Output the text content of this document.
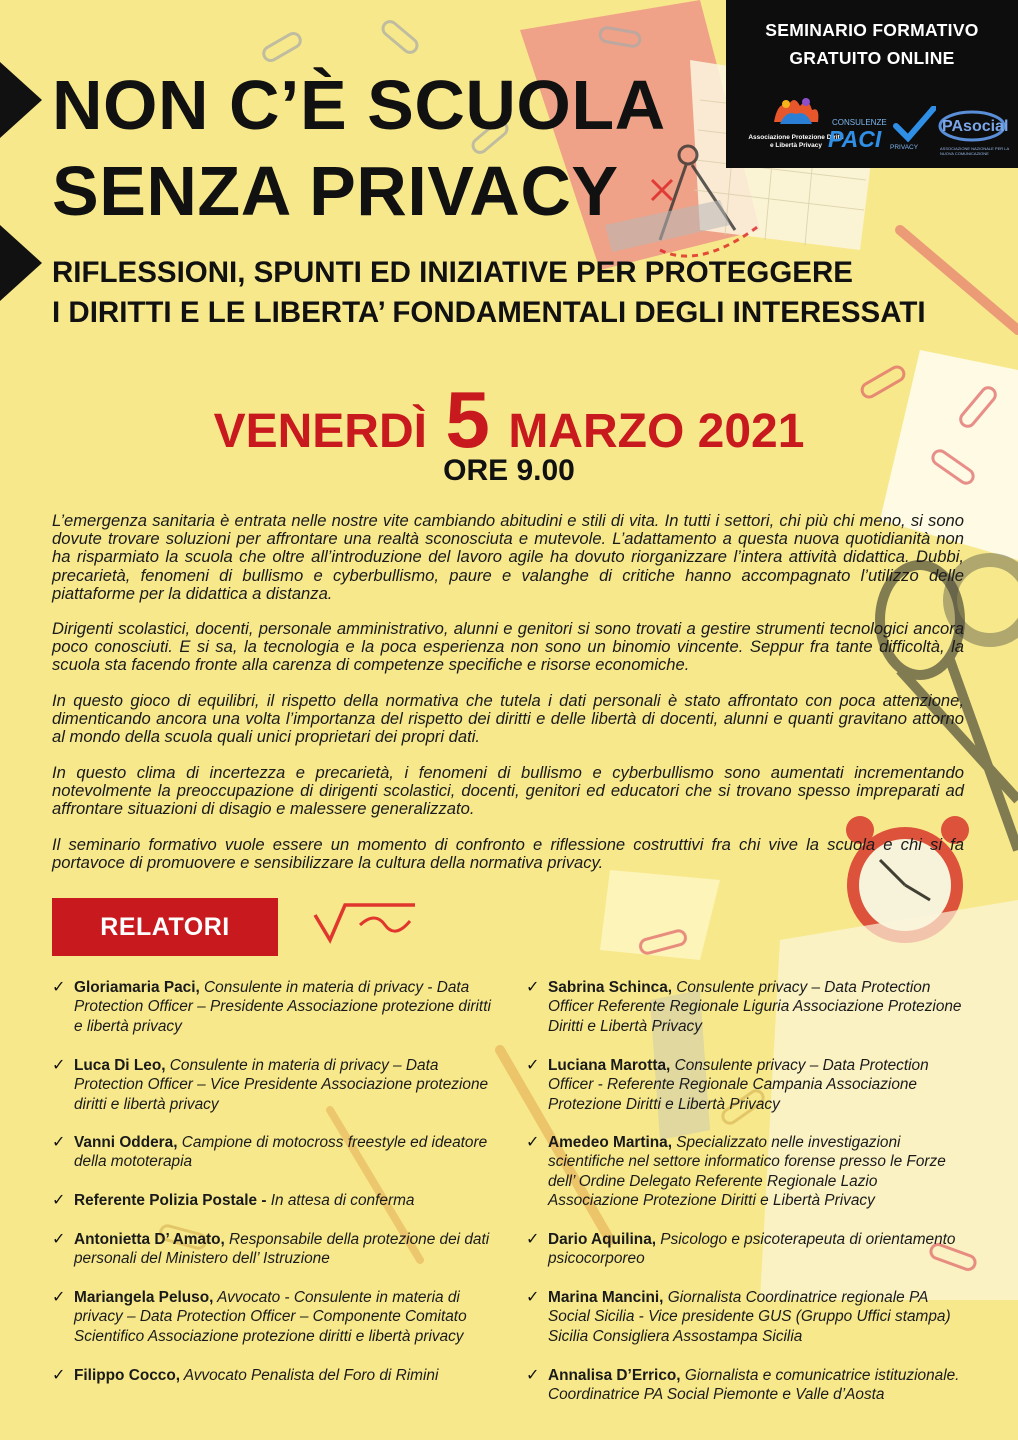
NON C’È SCUOLA
SENZA PRIVACY
RIFLESSIONI, SPUNTI ED INIZIATIVE PER PROTEGGERE
I DIRITTI E LE LIBERTA’ FONDAMENTALI DEGLI INTERESSATI
SEMINARIO FORMATIVO
GRATUITO ONLINE
Associazione Protezione Diritti e Libertà Privacy
CONSULENZE
PACI PRIVACY
PAsocial
ASSOCIAZIONE NAZIONALE PER LA NUOVA COMUNICAZIONE
VENERDÌ 5 MARZO 2021
ORE 9.00

L’emergenza sanitaria è entrata nelle nostre vite cambiando abitudini e stili di vita. In tutti i settori, chi più chi meno, si sono dovute trovare soluzioni per affrontare una realtà sconosciuta e mutevole. L’adattamento a questa nuova quotidianità non ha risparmiato la scuola che oltre all’introduzione del lavoro agile ha dovuto riorganizzare l’intera attività didattica. Dubbi, precarietà, fenomeni di bullismo e cyberbullismo, paure e valanghe di critiche hanno accompagnato l’utilizzo delle piattaforme per la didattica a distanza.

Dirigenti scolastici, docenti, personale amministrativo, alunni e genitori si sono trovati a gestire strumenti tecnologici ancora poco conosciuti. E si sa, la tecnologia e la poca esperienza non sono un binomio vincente. Seppur fra tante difficoltà, la scuola sta facendo fronte alla carenza di competenze specifiche e risorse economiche.

In questo gioco di equilibri, il rispetto della normativa che tutela i dati personali è stato affrontato con poca attenzione, dimenticando ancora una volta l’importanza del rispetto dei diritti e delle libertà di docenti, alunni e quanti gravitano attorno al mondo della scuola quali unici proprietari dei propri dati.

In questo clima di incertezza e precarietà, i fenomeni di bullismo e cyberbullismo sono aumentati incrementando notevolmente la preoccupazione di dirigenti scolastici, docenti, genitori ed educatori che si trovano spesso impreparati ad affrontare situazioni di disagio e malessere generalizzato.

Il seminario formativo vuole essere un momento di confronto e riflessione costruttivi fra chi vive la scuola e chi si fa portavoce di promuovere e sensibilizzare la cultura della normativa privacy.

RELATORI
✓ Gloriamaria Paci, Consulente in materia di privacy - Data Protection Officer – Presidente Associazione protezione diritti e libertà privacy
✓ Luca Di Leo, Consulente in materia di privacy – Data Protection Officer – Vice Presidente Associazione protezione diritti e libertà privacy
✓ Vanni Oddera, Campione di motocross freestyle ed ideatore della mototerapia
✓ Referente Polizia Postale - In attesa di conferma
✓ Antonietta D’ Amato, Responsabile della protezione dei dati personali del Ministero dell’ Istruzione
✓ Mariangela Peluso, Avvocato - Consulente in materia di privacy – Data Protection Officer – Componente Comitato Scientifico Associazione protezione diritti e libertà privacy
✓ Filippo Cocco, Avvocato Penalista del Foro di Rimini
✓ Sabrina Schinca, Consulente privacy – Data Protection Officer Referente Regionale Liguria Associazione Protezione Diritti e Libertà Privacy
✓ Luciana Marotta, Consulente privacy – Data Protection Officer - Referente Regionale Campania Associazione Protezione Diritti e Libertà Privacy
✓ Amedeo Martina, Specializzato nelle investigazioni scientifiche nel settore informatico forense presso le Forze dell’ Ordine Delegato Referente Regionale Lazio Associazione Protezione Diritti e Libertà Privacy
✓ Dario Aquilina, Psicologo e psicoterapeuta di orientamento psicocorporeo
✓ Marina Mancini, Giornalista Coordinatrice regionale PA Social Sicilia - Vice presidente GUS (Gruppo Uffici stampa) Sicilia Consigliera Assostampa Sicilia
✓ Annalisa D’Errico, Giornalista e comunicatrice istituzionale. Coordinatrice PA Social Piemonte e Valle d’Aosta
